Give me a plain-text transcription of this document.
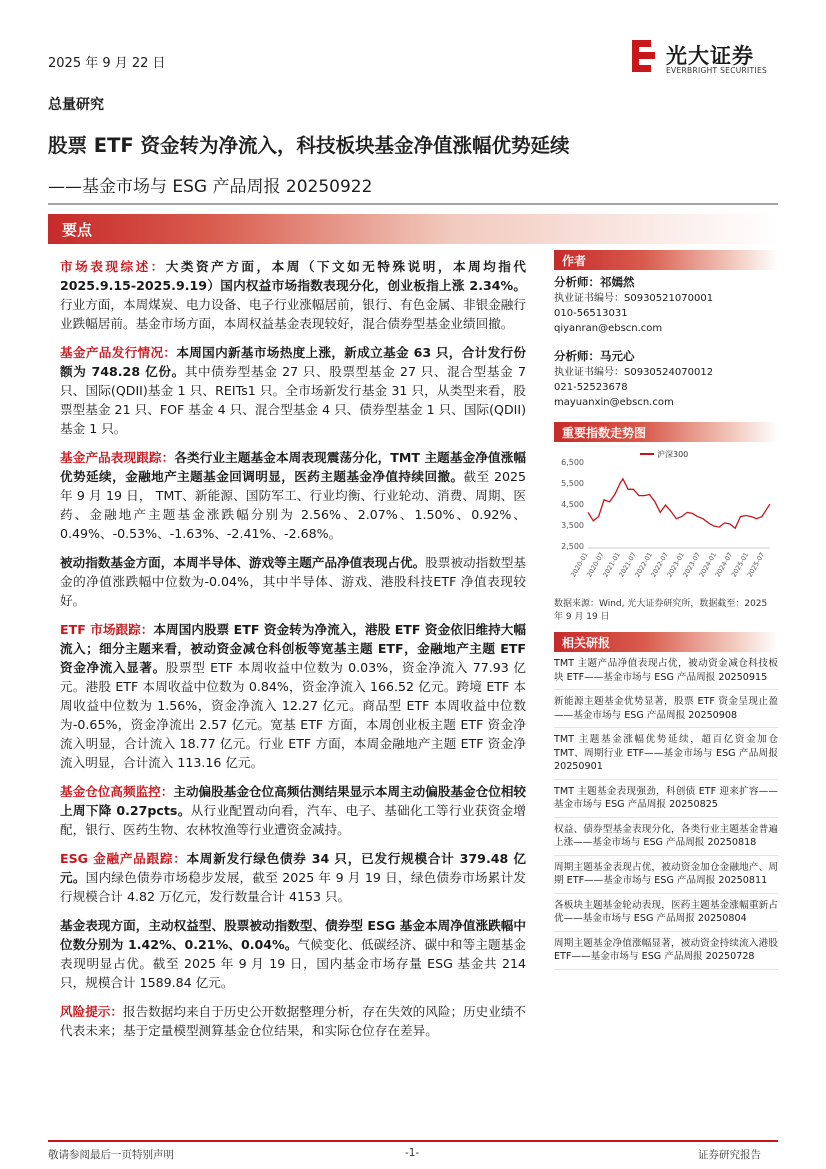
2025 年 9 月 22 日	光大证券
EVERBRIGHT SECURITIES
总量研究
股票 ETF 资金转为净流入，科技板块基金净值涨幅优势延续
——基金市场与 ESG 产品周报 20250922
要点
市场表现综述：大类资产方面，本周（下文如无特殊说明，本周均指代2025.9.15-2025.9.19）国内权益市场指数表现分化，创业板指上涨 2.34%。行业方面，本周煤炭、电力设备、电子行业涨幅居前，银行、有色金属、非银金融行业跌幅居前。基金市场方面，本周权益基金表现较好，混合债券型基金业绩回撤。
基金产品发行情况：本周国内新基市场热度上涨，新成立基金 63 只，合计发行份额为 748.28 亿份。其中债券型基金 27 只、股票型基金 27 只、混合型基金 7 只、国际(QDII)基金 1 只、REITs1 只。全市场新发行基金 31 只，从类型来看，股票型基金 21 只、FOF 基金 4 只、混合型基金 4 只、债券型基金 1 只、国际(QDII)基金 1 只。
基金产品表现跟踪：各类行业主题基金本周表现震荡分化，TMT 主题基金净值涨幅优势延续，金融地产主题基金回调明显，医药主题基金净值持续回撤。截至 2025 年 9 月 19 日， TMT、新能源、国防军工、行业均衡、行业轮动、消费、周期、医药、金融地产主题基金涨跌幅分别为 2.56%、2.07%、1.50%、0.92%、0.49%、-0.53%、-1.63%、-2.41%、-2.68%。
被动指数基金方面，本周半导体、游戏等主题产品净值表现占优。股票被动指数型基金的净值涨跌幅中位数为-0.04%，其中半导体、游戏、港股科技ETF 净值表现较好。
ETF 市场跟踪：本周国内股票 ETF 资金转为净流入，港股 ETF 资金依旧维持大幅流入；细分主题来看，被动资金减仓科创板等宽基主题 ETF，金融地产主题 ETF 资金净流入显著。股票型 ETF 本周收益中位数为 0.03%，资金净流入 77.93 亿元。港股 ETF 本周收益中位数为 0.84%，资金净流入 166.52 亿元。跨境 ETF 本周收益中位数为 1.56%，资金净流入 12.27 亿元。商品型 ETF 本周收益中位数为-0.65%，资金净流出 2.57 亿元。宽基 ETF 方面，本周创业板主题 ETF 资金净流入明显，合计流入 18.77 亿元。行业 ETF 方面，本周金融地产主题 ETF 资金净流入明显，合计流入 113.16 亿元。
基金仓位高频监控：主动偏股基金仓位高频估测结果显示本周主动偏股基金仓位相较上周下降 0.27pcts。从行业配置动向看，汽车、电子、基础化工等行业获资金增配，银行、医药生物、农林牧渔等行业遭资金减持。
ESG 金融产品跟踪：本周新发行绿色债券 34 只，已发行规模合计 379.48 亿元。国内绿色债券市场稳步发展，截至 2025 年 9 月 19 日，绿色债券市场累计发行规模合计 4.82 万亿元，发行数量合计 4153 只。
基金表现方面，主动权益型、股票被动指数型、债券型 ESG 基金本周净值涨跌幅中位数分别为 1.42%、0.21%、0.04%。气候变化、低碳经济、碳中和等主题基金表现明显占优。截至 2025 年 9 月 19 日，国内基金市场存量 ESG 基金共 214 只，规模合计 1589.84 亿元。
风险提示：报告数据均来自于历史公开数据整理分析，存在失效的风险；历史业绩不代表未来；基于定量模型测算基金仓位结果，和实际仓位存在差异。
作者
分析师：祁嫣然
执业证书编号：S0930521070001
010-56513031
qiyanran@ebscn.com
分析师：马元心
执业证书编号：S0930524070012
021-52523678
mayuanxin@ebscn.com
重要指数走势图
沪深300
6,500
5,500
4,500
3,500
2,500
2020-01
2020-07
2021-01
2021-07
2022-01
2022-07
2023-01
2023-07
2024-01
2024-07
2025-01
2025-07
数据来源：Wind, 光大证券研究所，数据截至：2025 年 9 月 19 日
相关研报
TMT 主题产品净值表现占优，被动资金减仓科技板块 ETF——基金市场与 ESG 产品周报 20250915
新能源主题基金优势显著，股票 ETF 资金呈现止盈——基金市场与 ESG 产品周报 20250908
TMT 主题基金涨幅优势延续，超百亿资金加仓 TMT、周期行业 ETF——基金市场与 ESG 产品周报 20250901
TMT 主题基金表现强劲，科创债 ETF 迎来扩容——基金市场与 ESG 产品周报 20250825
权益、债券型基金表现分化，各类行业主题基金普遍上涨——基金市场与 ESG 产品周报 20250818
周期主题基金表现占优，被动资金加仓金融地产、周期 ETF——基金市场与 ESG 产品周报 20250811
各板块主题基金轮动表现，医药主题基金涨幅重新占优——基金市场与 ESG 产品周报 20250804
周期主题基金净值涨幅显著，被动资金持续流入港股 ETF——基金市场与 ESG 产品周报 20250728
敬请参阅最后一页特别声明	-1-	证券研究报告
